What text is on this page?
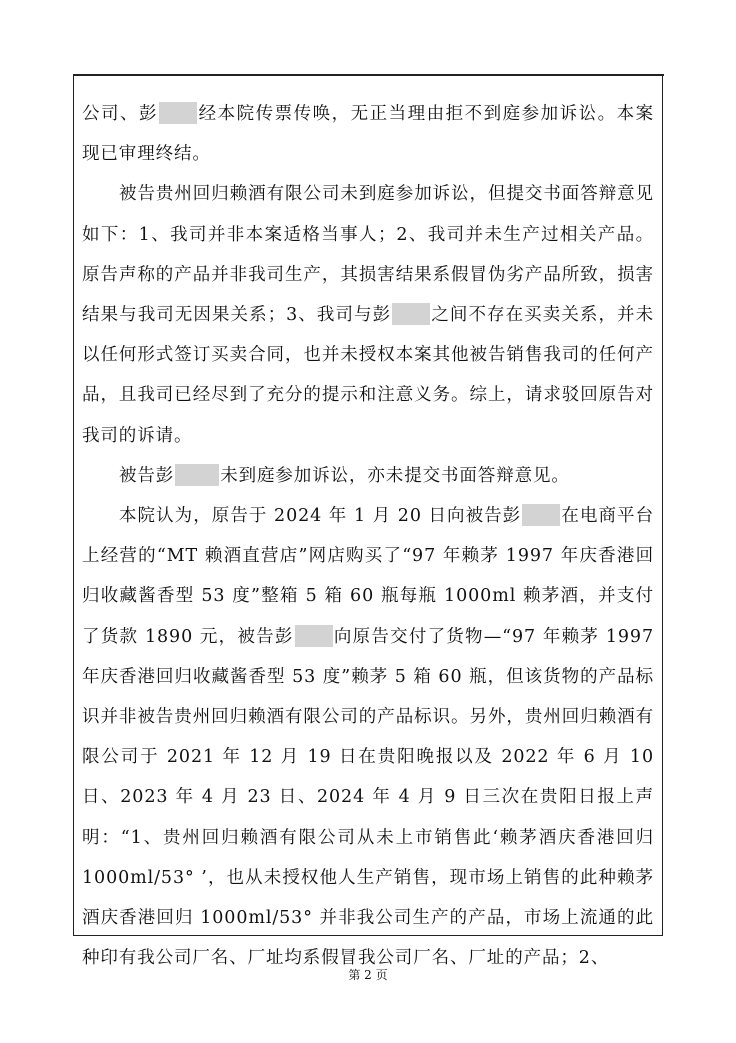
公司、彭 经本院传票传唤，无正当理由拒不到庭参加诉讼。本案现已审理终结。

被告贵州回归赖酒有限公司未到庭参加诉讼，但提交书面答辩意见如下：1、我司并非本案适格当事人；2、我司并未生产过相关产品。原告声称的产品并非我司生产，其损害结果系假冒伪劣产品所致，损害结果与我司无因果关系；3、我司与彭 之间不存在买卖关系，并未以任何形式签订买卖合同，也并未授权本案其他被告销售我司的任何产品，且我司已经尽到了充分的提示和注意义务。综上，请求驳回原告对我司的诉请。

被告彭	未到庭参加诉讼，亦未提交书面答辩意见。

本院认为，原告于 2024 年 1 月 20 日向被告彭 在电商平台上经营的“MT 赖酒直营店”网店购买了“97 年赖茅 1997 年庆香港回归收藏酱香型 53 度”整箱 5 箱 60 瓶每瓶 1000ml 赖茅酒，并支付了货款 1890 元，被告彭 向原告交付了货物—“97 年赖茅 1997 年庆香港回归收藏酱香型 53 度”赖茅 5 箱 60 瓶，但该货物的产品标识并非被告贵州回归赖酒有限公司的产品标识。另外，贵州回归赖酒有限公司于 2021 年 12 月 19 日在贵阳晚报以及 2022 年 6 月 10 日、2023 年 4 月 23 日、2024 年 4 月 9 日三次在贵阳日报上声明：“1、贵州回归赖酒有限公司从未上市销售此‘赖茅酒庆香港回归 1000ml/53° ’，也从未授权他人生产销售，现市场上销售的此种赖茅酒庆香港回归 1000ml/53° 并非我公司生产的产品，市场上流通的此种印有我公司厂名、厂址均系假冒我公司厂名、厂址的产品；2、

第 2 页
